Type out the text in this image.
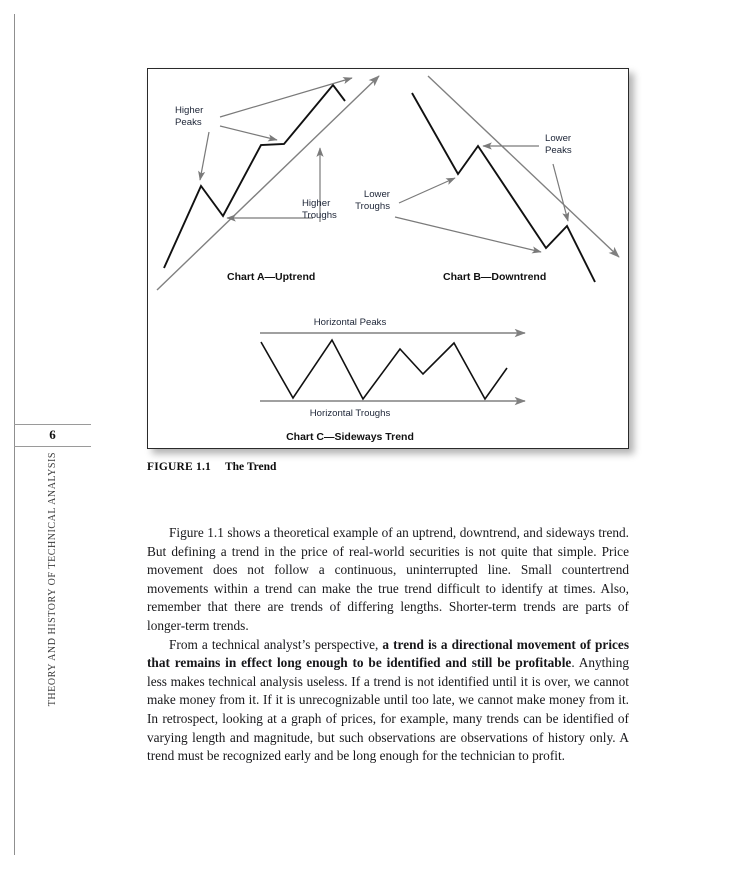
6
THEORY AND HISTORY OF TECHNICAL ANALYSIS
Higher
Peaks
Higher
Troughs
Chart A—Uptrend
Lower
Peaks
Lower
Troughs
Chart B—Downtrend
Horizontal Peaks
Horizontal Troughs
Chart C—Sideways Trend
FIGURE 1.1 The Trend

Figure 1.1 shows a theoretical example of an uptrend, downtrend, and sideways trend. But defining a trend in the price of real-world securities is not quite that simple. Price movement does not follow a continuous, uninterrupted line. Small countertrend movements within a trend can make the true trend difficult to identify at times. Also, remember that there are trends of differing lengths. Shorter-term trends are parts of longer-term trends.

From a technical analyst’s perspective, a trend is a directional movement of prices that remains in effect long enough to be identified and still be profitable. Anything less makes technical analysis useless. If a trend is not identified until it is over, we cannot make money from it. If it is unrecognizable until too late, we cannot make money from it. In retrospect, looking at a graph of prices, for example, many trends can be identified of varying length and magnitude, but such observations are observations of history only. A trend must be recognized early and be long enough for the technician to profit.
